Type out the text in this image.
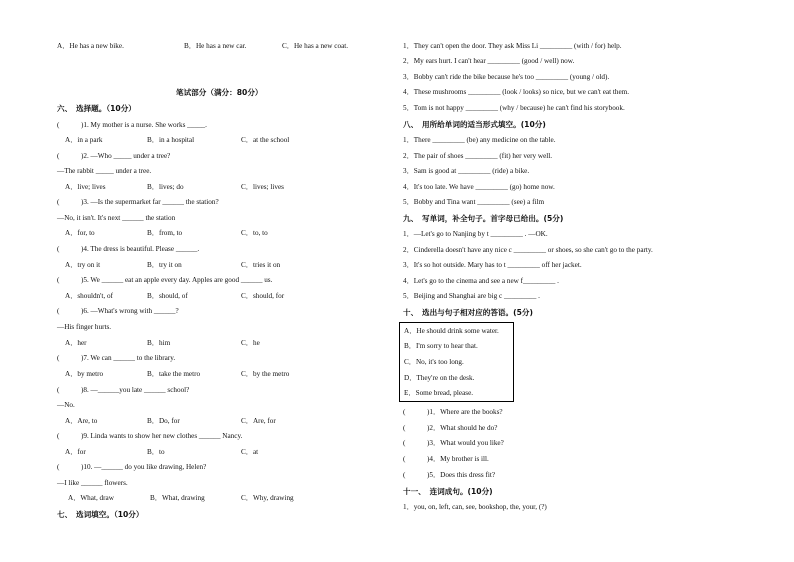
A．He has a new bike.	B．He has a new car.	C．He has a new coat.
笔试部分（满分：80分）
六、　选择题。（10分）
(　　　)1. My mother is a nurse. She works _____.
A．in a park	B．in a hospital	C．at the school
(　　　)2. —Who _____ under a tree?
—The rabbit _____ under a tree.
A．live; lives	B．lives; do	C．lives; lives
(　　　)3. —Is the supermarket far ______ the station?
—No, it isn't. It's next ______ the station
A．for, to	B．from, to	C．to, to
(　　　)4. The dress is beautiful. Please ______.
A．try on it	B．try it on	C．tries it on
(　　　)5. We ______ eat an apple every day. Apples are good ______ us.
A．shouldn't, of	B．should, of	C．should, for
(　　　)6. —What's wrong with ______?
—His finger hurts.
A．her	B．him	C．he
(　　　)7. We can ______ to the library.
A．by metro	B．take the metro	C．by the metro
(　　　)8. —______you late ______ school?
—No.
A．Are, to	B．Do, for	C．Are, for
(　　　)9. Linda wants to show her new clothes ______ Nancy.
A．for	B．to	C．at
(　　　)10. —______ do you like drawing, Helen?
—I like ______ flowers.
A．What, draw	B．What, drawing	C．Why, drawing
七、　选词填空。（10分）
1．They can't open the door. They ask Miss Li _________ (with / for) help.
2．My ears hurt. I can't hear _________ (good / well) now.
3．Bobby can't ride the bike because he's too _________ (young / old).
4．These mushrooms _________ (look / looks) so nice, but we can't eat them.
5．Tom is not happy _________ (why / because) he can't find his storybook.
八、　用所给单词的适当形式填空。(10分)
1．There _________ (be) any medicine on the table.
2．The pair of shoes _________ (fit) her very well.
3．Sam is good at _________ (ride) a bike.
4．It's too late. We have _________ (go) home now.
5．Bobby and Tina want _________ (see) a film
九、　写单词，补全句子。首字母已给出。(5分)
1．—Let's go to Nanjing by t _________ . —OK.
2．Cinderella doesn't have any nice c _________ or shoes, so she can't go to the party.
3．It's so hot outside. Mary has to t _________ off her jacket.
4．Let's go to the cinema and see a new f_________ .
5．Beijing and Shanghai are big c _________ .
十、　选出与句子相对应的答语。(5分)
A．He should drink some water.
B．I'm sorry to hear that.
C．No, it's too long.
D．They're on the desk.
E．Some bread, please.
(　　　)1．Where are the books?
(　　　)2．What should he do?
(　　　)3．What would you like?
(　　　)4．My brother is ill.
(　　　)5．Does this dress fit?
十一、　连词成句。(10分)
1．you, on, left, can, see, bookshop, the, your, (?)
